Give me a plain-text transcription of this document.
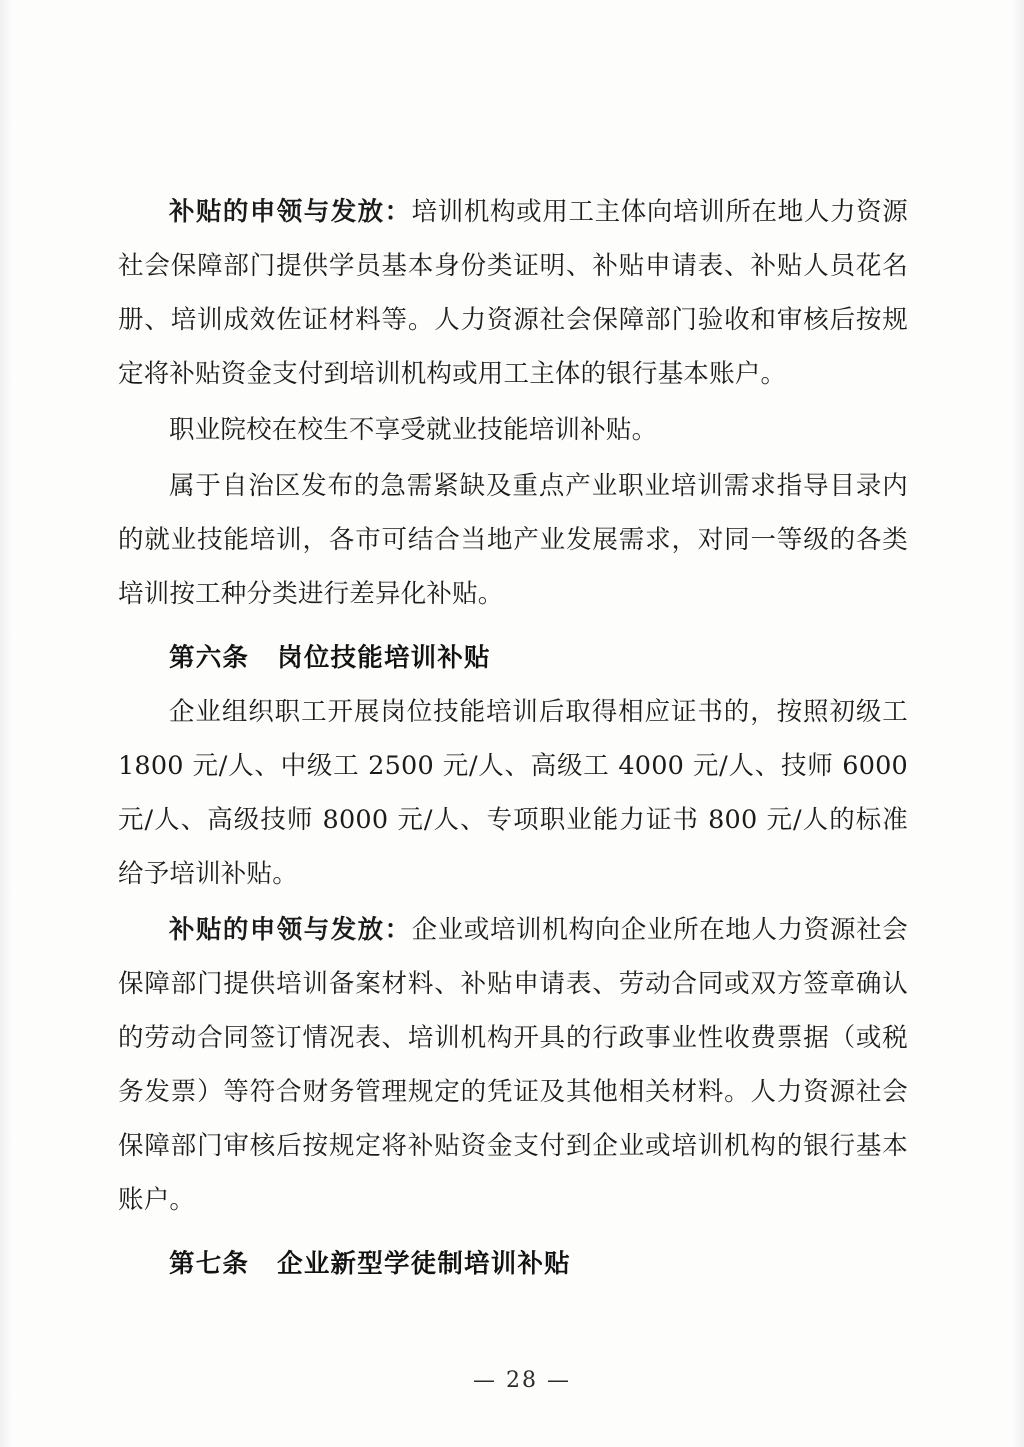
补贴的申领与发放：培训机构或用工主体向培训所在地人力资源社会保障部门提供学员基本身份类证明、补贴申请表、补贴人员花名册、培训成效佐证材料等。人力资源社会保障部门验收和审核后按规定将补贴资金支付到培训机构或用工主体的银行基本账户。

职业院校在校生不享受就业技能培训补贴。

属于自治区发布的急需紧缺及重点产业职业培训需求指导目录内的就业技能培训，各市可结合当地产业发展需求，对同一等级的各类培训按工种分类进行差异化补贴。

第六条 岗位技能培训补贴

企业组织职工开展岗位技能培训后取得相应证书的，按照初级工 1800 元/人、中级工 2500 元/人、高级工 4000 元/人、技师 6000 元/人、高级技师 8000 元/人、专项职业能力证书 800 元/人的标准给予培训补贴。

补贴的申领与发放：企业或培训机构向企业所在地人力资源社会保障部门提供培训备案材料、补贴申请表、劳动合同或双方签章确认的劳动合同签订情况表、培训机构开具的行政事业性收费票据（或税务发票）等符合财务管理规定的凭证及其他相关材料。人力资源社会保障部门审核后按规定将补贴资金支付到企业或培训机构的银行基本账户。

第七条 企业新型学徒制培训补贴

— 28 —
